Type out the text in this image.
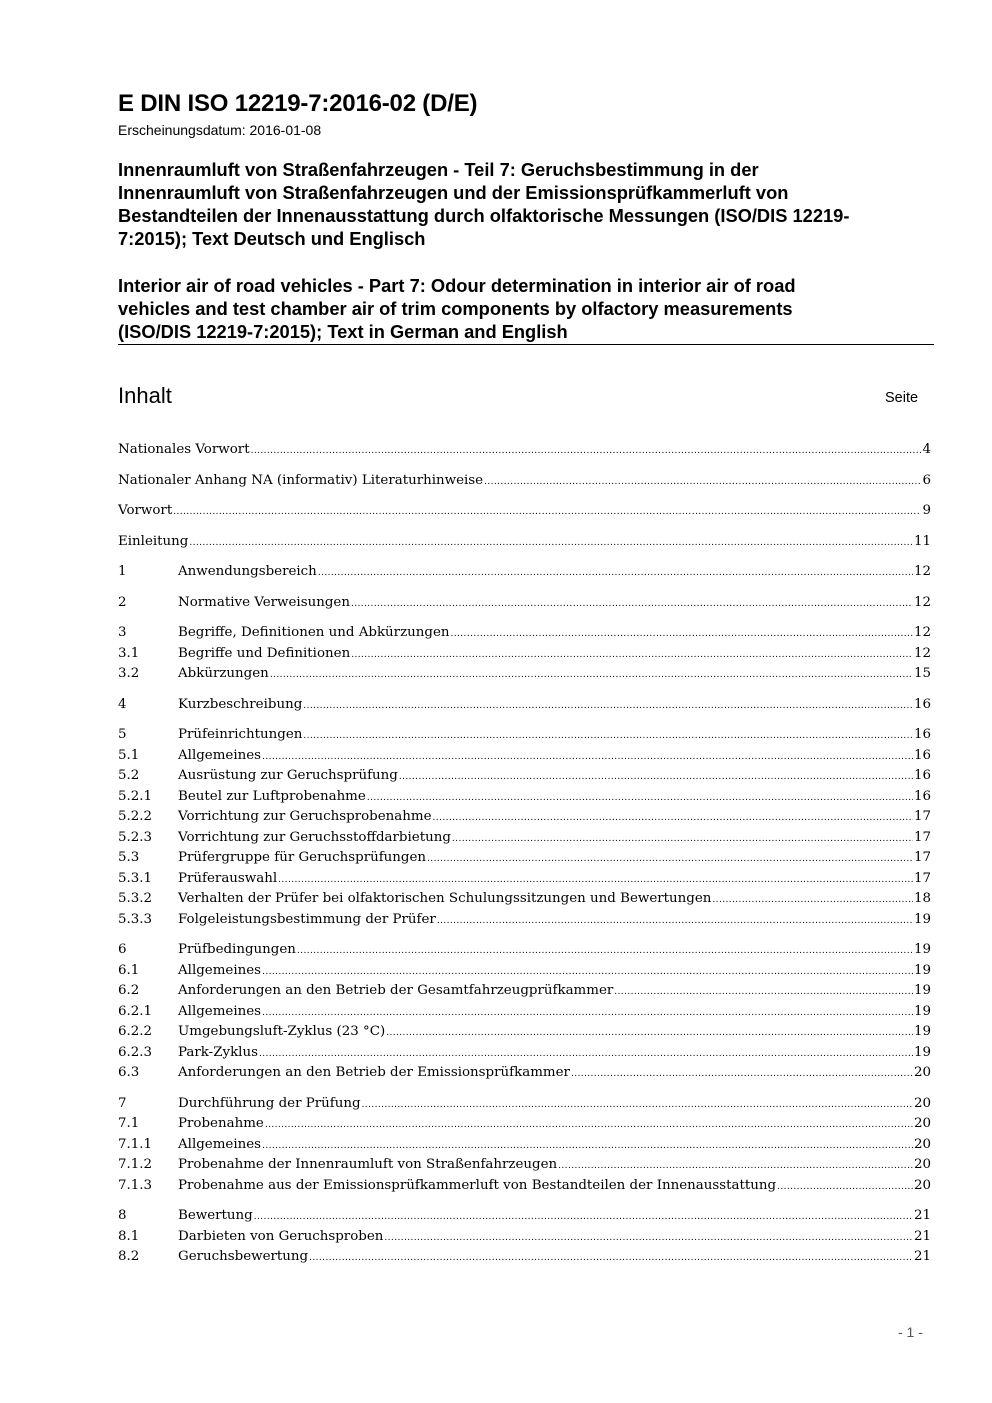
E DIN ISO 12219-7:2016-02 (D/E)
Erscheinungsdatum: 2016-01-08
Innenraumluft von Straßenfahrzeugen - Teil 7: Geruchsbestimmung in der
Innenraumluft von Straßenfahrzeugen und der Emissionsprüfkammerluft von
Bestandteilen der Innenausstattung durch olfaktorische Messungen (ISO/DIS 12219-
7:2015); Text Deutsch und Englisch
Interior air of road vehicles - Part 7: Odour determination in interior air of road
vehicles and test chamber air of trim components by olfactory measurements
(ISO/DIS 12219-7:2015); Text in German and English
Inhalt	Seite
Nationales Vorwort .....	4
Nationaler Anhang NA (informativ) Literaturhinweise .....	6
Vorwort .....	9
Einleitung .....	11
1	Anwendungsbereich .....	12
2	Normative Verweisungen .....	12
3	Begriffe, Definitionen und Abkürzungen .....	12
3.1	Begriffe und Definitionen .....	12
3.2	Abkürzungen .....	15
4	Kurzbeschreibung .....	16
5	Prüfeinrichtungen .....	16
5.1	Allgemeines .....	16
5.2	Ausrüstung zur Geruchsprüfung .....	16
5.2.1	Beutel zur Luftprobenahme .....	16
5.2.2	Vorrichtung zur Geruchsprobenahme .....	17
5.2.3	Vorrichtung zur Geruchsstoffdarbietung .....	17
5.3	Prüfergruppe für Geruchsprüfungen .....	17
5.3.1	Prüferauswahl .....	17
5.3.2	Verhalten der Prüfer bei olfaktorischen Schulungssitzungen und Bewertungen .....	18
5.3.3	Folgeleistungsbestimmung der Prüfer .....	19
6	Prüfbedingungen .....	19
6.1	Allgemeines .....	19
6.2	Anforderungen an den Betrieb der Gesamtfahrzeugprüfkammer .....	19
6.2.1	Allgemeines .....	19
6.2.2	Umgebungsluft-Zyklus (23 °C) .....	19
6.2.3	Park-Zyklus .....	19
6.3	Anforderungen an den Betrieb der Emissionsprüfkammer .....	20
7	Durchführung der Prüfung .....	20
7.1	Probenahme .....	20
7.1.1	Allgemeines .....	20
7.1.2	Probenahme der Innenraumluft von Straßenfahrzeugen .....	20
7.1.3	Probenahme aus der Emissionsprüfkammerluft von Bestandteilen der Innenausstattung .....	20
8	Bewertung .....	21
8.1	Darbieten von Geruchsproben .....	21
8.2	Geruchsbewertung .....	21
- 1 -
